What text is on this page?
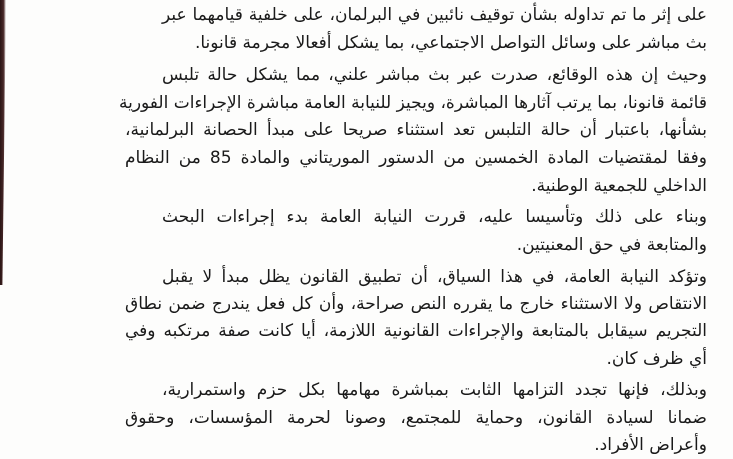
على إثر ما تم تداوله بشأن توقيف نائبين في البرلمان، على خلفية قيامهما عبر
بث مباشر على وسائل التواصل الاجتماعي، بما يشكل أفعالا مجرمة قانونا.
وحيث إن هذه الوقائع، صدرت عبر بث مباشر علني، مما يشكل حالة تلبس
قائمة قانونا، بما يرتب آثارها المباشرة، ويجيز للنيابة العامة مباشرة الإجراءات الفورية
بشأنها، باعتبار أن حالة التلبس تعد استثناء صريحا على مبدأ الحصانة البرلمانية،
وفقا لمقتضيات المادة الخمسين من الدستور الموريتاني والمادة 85 من النظام
الداخلي للجمعية الوطنية.
وبناء على ذلك وتأسيسا عليه، قررت النيابة العامة بدء إجراءات البحث
والمتابعة في حق المعنيتين.
وتؤكد النيابة العامة، في هذا السياق، أن تطبيق القانون يظل مبدأ لا يقبل
الانتقاص ولا الاستثناء خارج ما يقرره النص صراحة، وأن كل فعل يندرج ضمن نطاق
التجريم سيقابل بالمتابعة والإجراءات القانونية اللازمة، أيا كانت صفة مرتكبه وفي
أي ظرف كان.
وبذلك، فإنها تجدد التزامها الثابت بمباشرة مهامها بكل حزم واستمرارية،
ضمانا لسيادة القانون، وحماية للمجتمع، وصونا لحرمة المؤسسات، وحقوق
وأعراض الأفراد.
